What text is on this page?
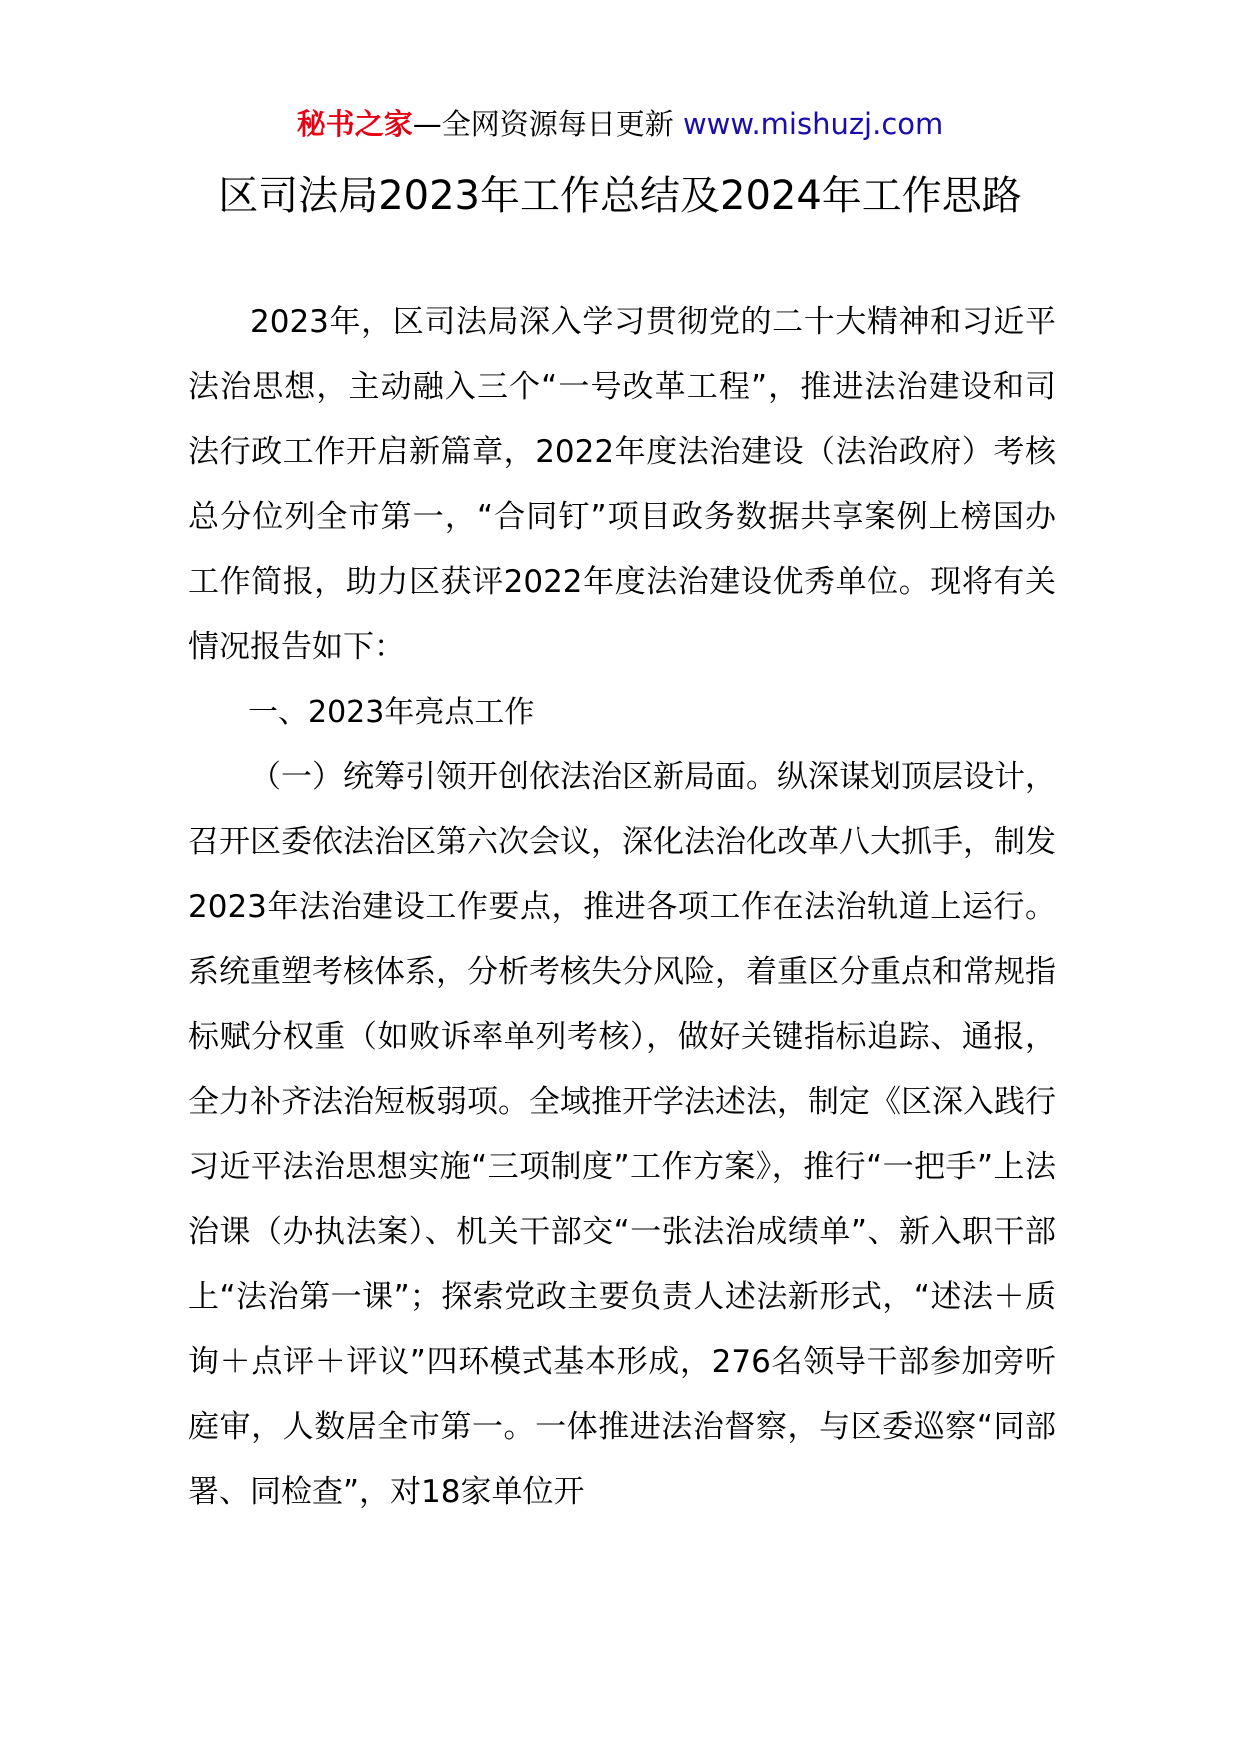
秘书之家—全网资源每日更新 www.mishuzj.com
区司法局2023年工作总结及2024年工作思路

2023年，区司法局深入学习贯彻党的二十大精神和习近平法治思想，主动融入三个“一号改革工程”，推进法治建设和司法行政工作开启新篇章，2022年度法治建设（法治政府）考核总分位列全市第一，“合同钉”项目政务数据共享案例上榜国办工作简报，助力区获评2022年度法治建设优秀单位。现将有关情况报告如下：

一、2023年亮点工作

（一）统筹引领开创依法治区新局面。纵深谋划顶层设计，召开区委依法治区第六次会议，深化法治化改革八大抓手，制发2023年法治建设工作要点，推进各项工作在法治轨道上运行。系统重塑考核体系，分析考核失分风险，着重区分重点和常规指标赋分权重（如败诉率单列考核），做好关键指标追踪、通报，全力补齐法治短板弱项。全域推开学法述法，制定《区深入践行习近平法治思想实施“三项制度”工作方案》，推行“一把手”上法治课（办执法案）、机关干部交“一张法治成绩单”、新入职干部上“法治第一课”；探索党政主要负责人述法新形式，“述法＋质询＋点评＋评议”四环模式基本形成，276名领导干部参加旁听庭审，人数居全市第一。一体推进法治督察，与区委巡察“同部署、同检查”，对18家单位开
